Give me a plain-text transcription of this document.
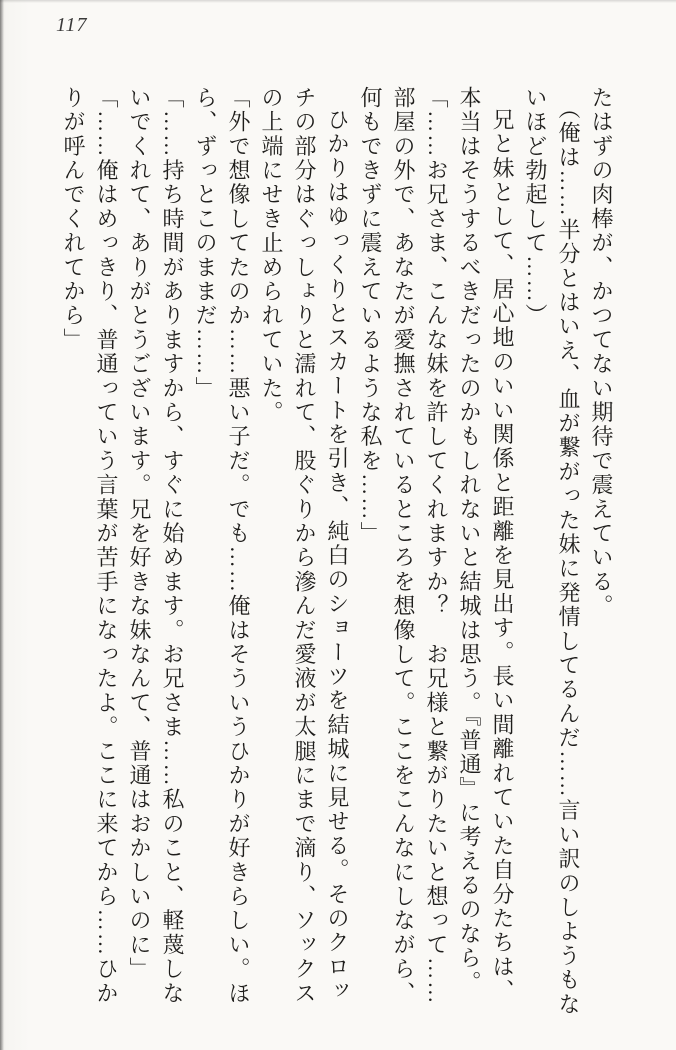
117

たはずの肉棒が、かつてない期待で震えている。

（俺は……半分とはいえ、血が繋がった妹に発情してるんだ……言い訳のしようもな

いほど勃起して……）

兄と妹として、居心地のいい関係と距離を見出す。長い間離れていた自分たちは、

本当はそうするべきだったのかもしれないと結城は思う。『普通』に考えるのなら。

「……お兄さま、こんな妹を許してくれますか？　お兄様と繋がりたいと想って……

部屋の外で、あなたが愛撫されているところを想像して。ここをこんなにしながら、

何もできずに震えているような私を……」

ひかりはゆっくりとスカートを引き、純白のショーツを結城に見せる。そのクロッ

チの部分はぐっしょりと濡れて、股ぐりから滲んだ愛液が太腿にまで滴り、ソックス

の上端にせき止められていた。

「外で想像してたのか……悪い子だ。でも……俺はそういうひかりが好きらしい。ほ

ら、ずっとこのままだ……」

「……持ち時間がありますから、すぐに始めます。お兄さま……私のこと、軽蔑しな

いでくれて、ありがとうございます。兄を好きな妹なんて、普通はおかしいのに」

「……俺はめっきり、普通っていう言葉が苦手になったよ。ここに来てから……ひか

りが呼んでくれてから」
